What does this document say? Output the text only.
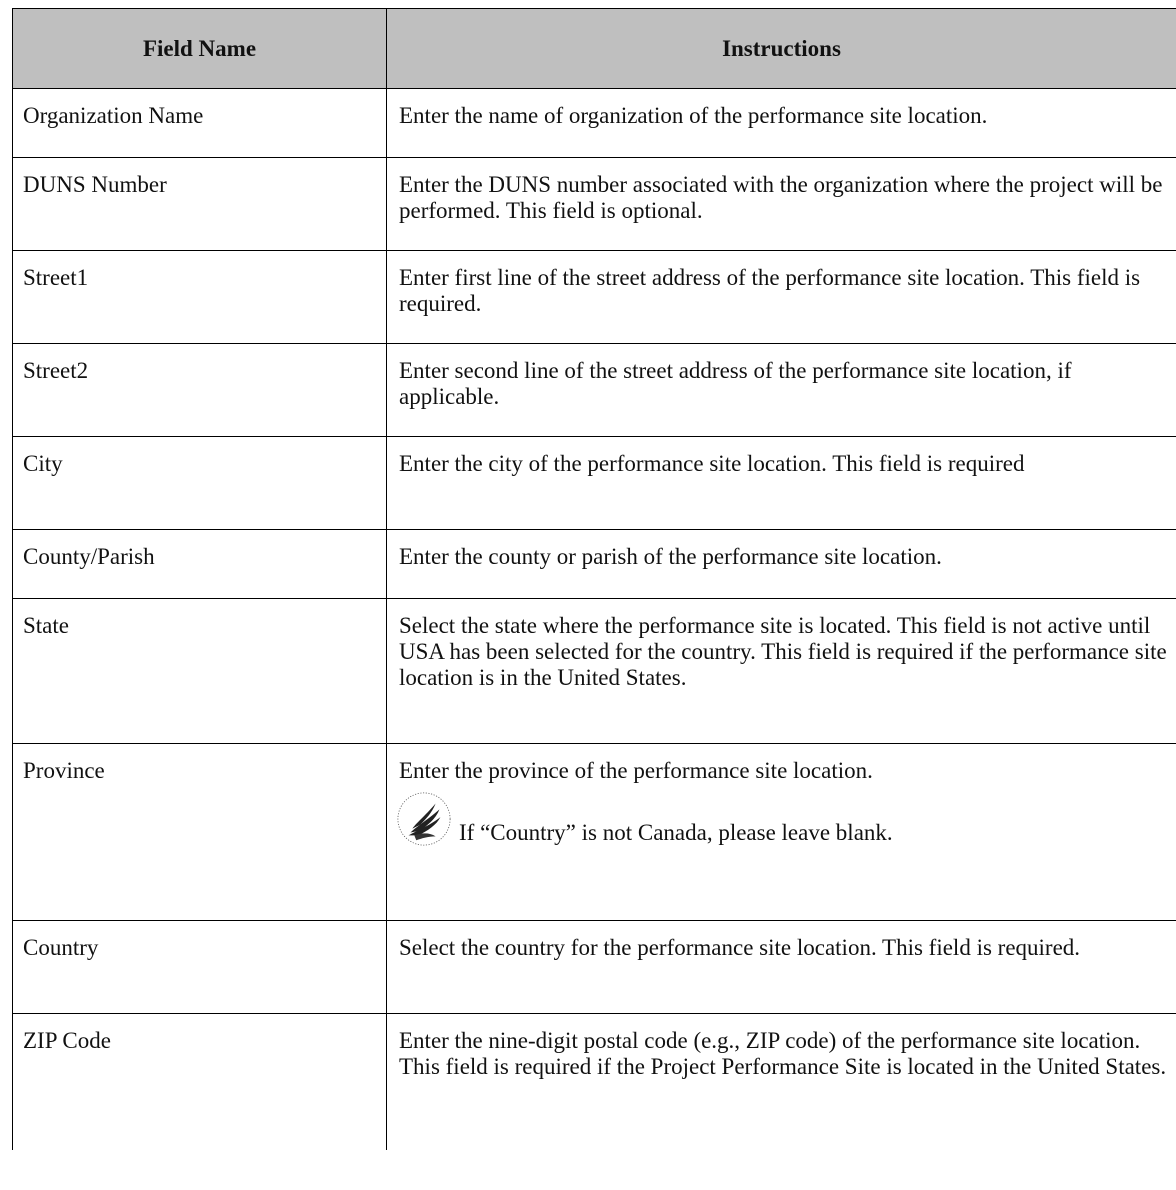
Field Name	Instructions
Organization Name	Enter the name of organization of the performance site location.
DUNS Number	Enter the DUNS number associated with the organization where the project will be performed. This field is optional.
Street1	Enter first line of the street address of the performance site location. This field is required.
Street2	Enter second line of the street address of the performance site location, if applicable.
City	Enter the city of the performance site location. This field is required
County/Parish	Enter the county or parish of the performance site location.
State	Select the state where the performance site is located. This field is not active until USA has been selected for the country. This field is required if the performance site location is in the United States.
Province	Enter the province of the performance site location.
If “Country” is not Canada, please leave blank.

Country	Select the country for the performance site location. This field is required.
ZIP Code	Enter the nine-digit postal code (e.g., ZIP code) of the performance site location. This field is required if the Project Performance Site is located in the United States.
